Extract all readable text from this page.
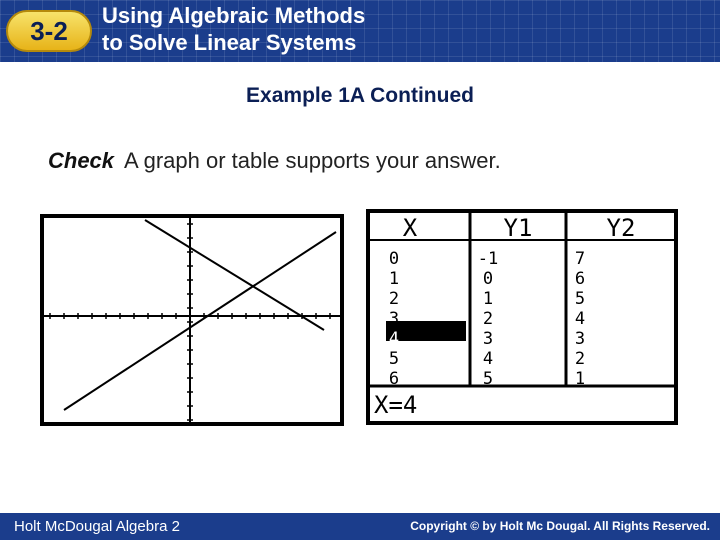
3-2
Using Algebraic Methods
to Solve Linear Systems
Example 1A Continued
Check A graph or table supports your answer.
X	Y1	Y2
0	-1	7
1	0	6
2	1	5
3	2	4
4	3	3
5	4	2
6	5	1
X=4
Holt McDougal Algebra 2	Copyright © by Holt Mc Dougal. All Rights Reserved.
